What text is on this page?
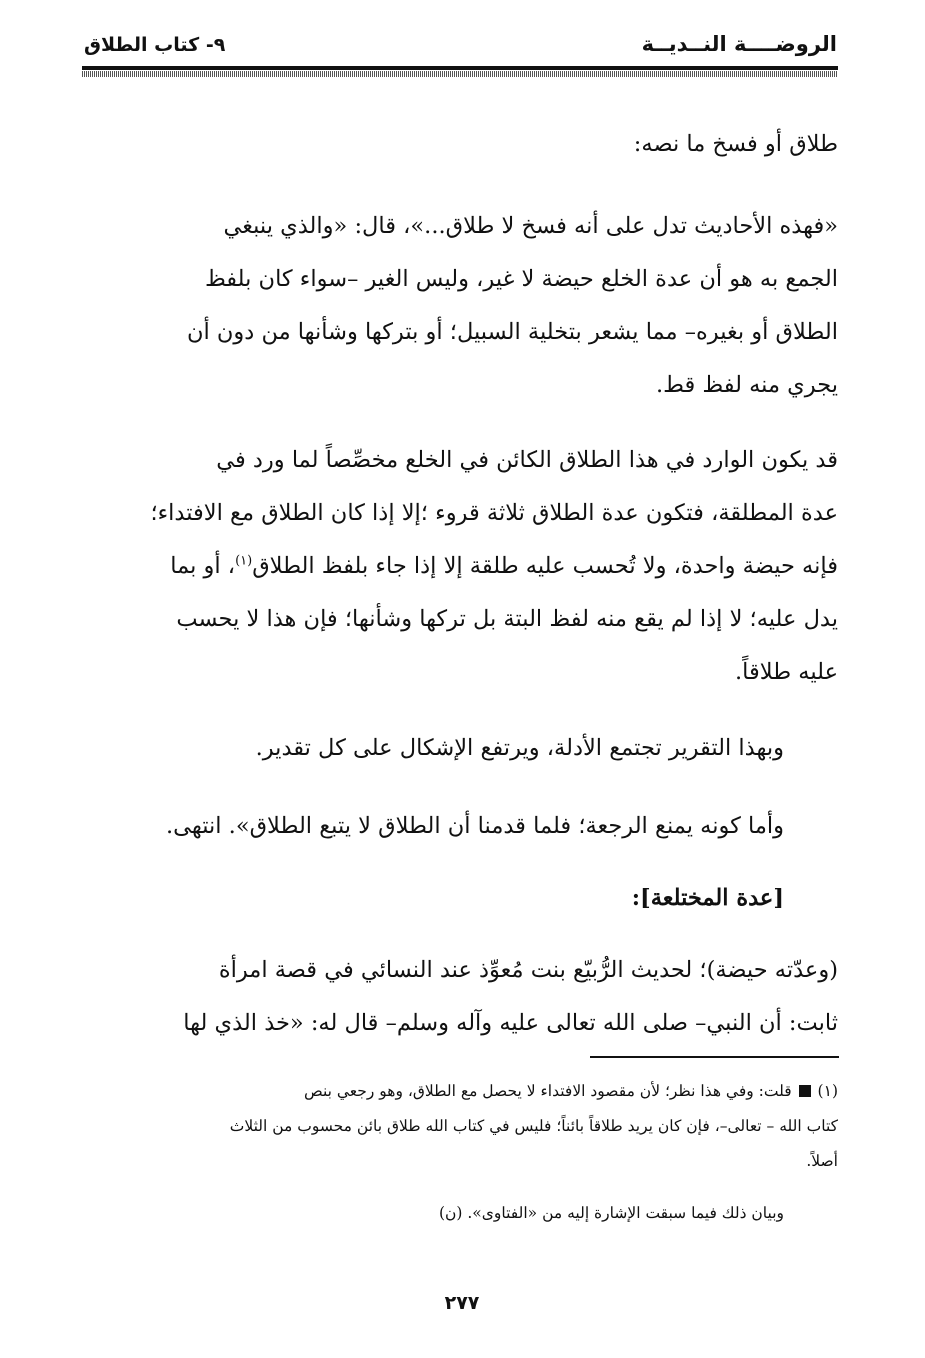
٩- كتاب الطلاق	الروضــــة النــديــة

طلاق أو فسخ ما نصه:

«فهذه الأحاديث تدل على أنه فسخ لا طلاق...»، قال: «والذي ينبغي
الجمع به هو أن عدة الخلع حيضة لا غير، وليس الغير –سواء كان بلفظ
الطلاق أو بغيره– مما يشعر بتخلية السبيل؛ أو بتركها وشأنها من دون أن
يجري منه لفظ قط.

قد يكون الوارد في هذا الطلاق الكائن في الخلع مخصِّصاً لما ورد في
عدة المطلقة، فتكون عدة الطلاق ثلاثة قروء ؛إلا إذا كان الطلاق مع الافتداء؛
فإنه حيضة واحدة، ولا تُحسب عليه طلقة إلا إذا جاء بلفظ الطلاق$^{(١)}$، أو بما
يدل عليه؛ لا إذا لم يقع منه لفظ البتة بل تركها وشأنها؛ فإن هذا لا يحسب
عليه طلاقاً.

وبهذا التقرير تجتمع الأدلة، ويرتفع الإشكال على كل تقدير.

وأما كونه يمنع الرجعة؛ فلما قدمنا أن الطلاق لا يتبع الطلاق». انتهى.

[عدة المختلعة]:

(وعدّته حيضة)؛ لحديث الرُّبيّع بنت مُعوِّذ عند النسائي في قصة امرأة
ثابت: أن النبي– صلى الله تعالى عليه وآله وسلم– قال له: «خذ الذي لها

(١)  قلت: وفي هذا نظر؛ لأن مقصود الافتداء لا يحصل مع الطلاق، وهو رجعي بنص
كتاب الله – تعالى–، فإن كان يريد طلاقاً بائناً؛ فليس في كتاب الله طلاق بائن محسوب من الثلاث
أصلاً.

وبيان ذلك فيما سبقت الإشارة إليه من «الفتاوى». (ن)

٢٧٧
